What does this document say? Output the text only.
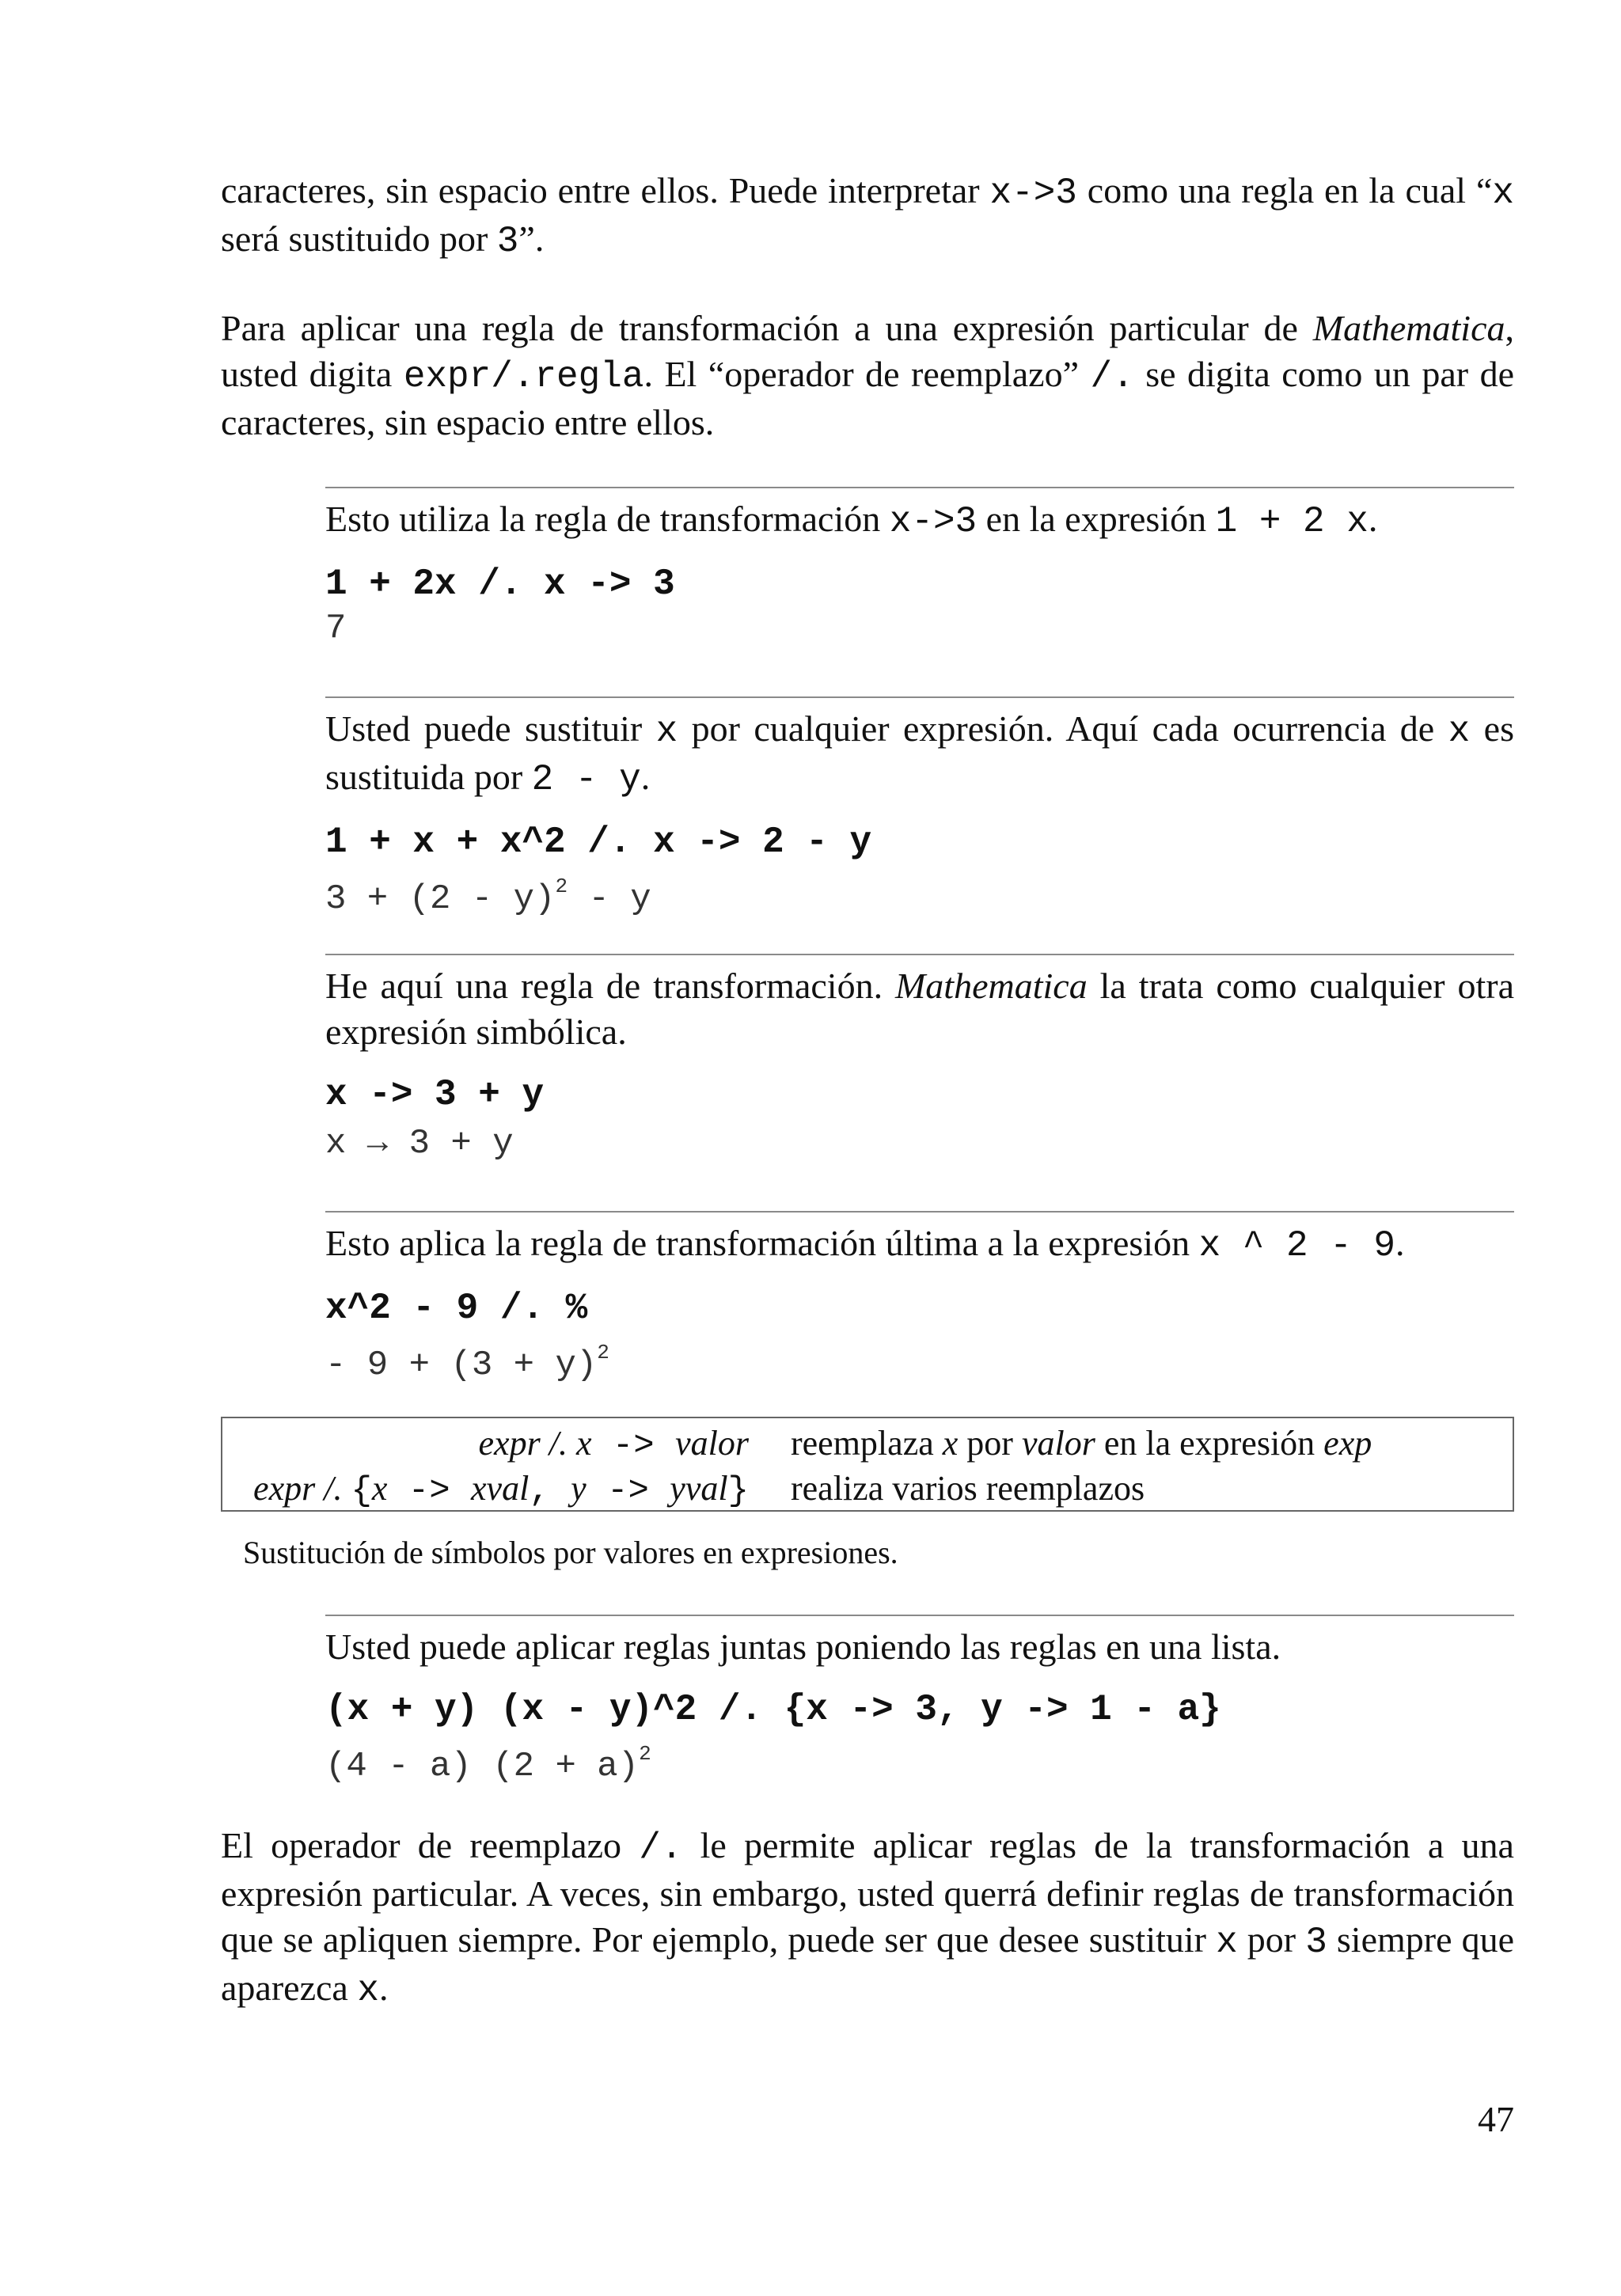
caracteres, sin espacio entre ellos. Puede interpretar x->3 como una regla en la cual “x será sustituido por 3”.

Para aplicar una regla de transformación a una expresión particular de Mathematica, usted digita expr/.regla. El “operador de reemplazo” /. se digita como un par de caracteres, sin espacio entre ellos.

Esto utiliza la regla de transformación x->3 en la expresión 1 + 2 x.

1 + 2x /. x -> 3
7

Usted puede sustituir x por cualquier expresión. Aquí cada ocurrencia de x es sustituida por 2 - y.

1 + x + x^2 /. x -> 2 - y
3 + (2 - y)$^2$ - y

He aquí una regla de transformación. Mathematica la trata como cualquier otra expresión simbólica.

x -> 3 + y
x → 3 + y

Esto aplica la regla de transformación última a la expresión x ^ 2 - 9.

x^2 - 9 /. %
- $9 + (3 + y)^2$
expr /. x -> valor reemplaza x por valor en la expresión exp
expr /. {x -> xval, y -> yval} realiza varios reemplazos
Sustitución de símbolos por valores en expresiones.

Usted puede aplicar reglas juntas poniendo las reglas en una lista.

(x + y) (x - y)^2 /. {x -> 3, y -> 1 - a}
(4 - a) $(2 + a)^2$

El operador de reemplazo /. le permite aplicar reglas de la transformación a una expresión particular. A veces, sin embargo, usted querrá definir reglas de transformación que se apliquen siempre. Por ejemplo, puede ser que desee sustituir x por 3 siempre que aparezca x.

47
